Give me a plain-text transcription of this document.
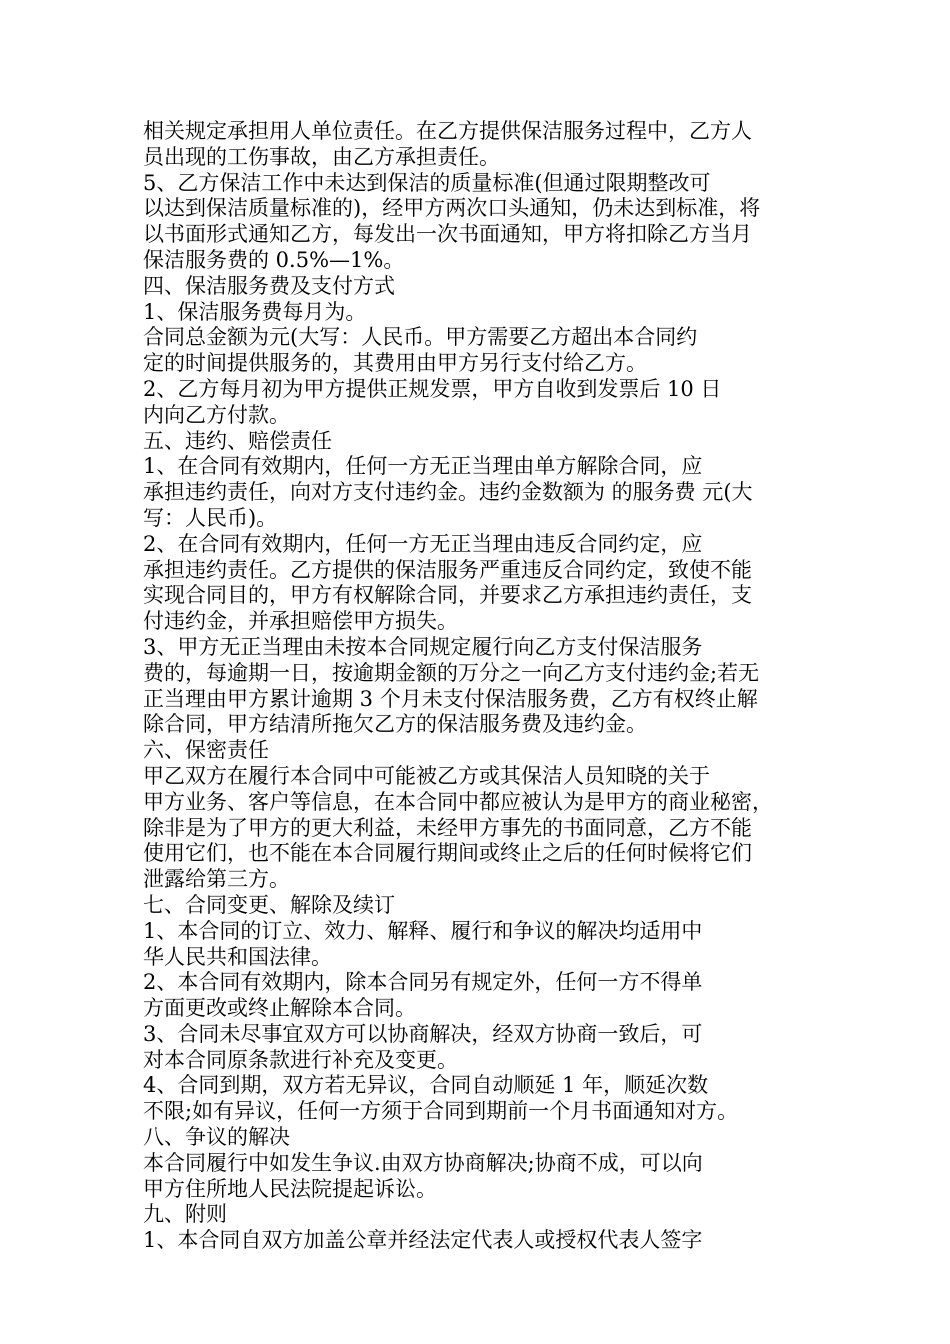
相关规定承担用人单位责任。在乙方提供保洁服务过程中，乙方人

员出现的工伤事故，由乙方承担责任。

5、乙方保洁工作中未达到保洁的质量标准(但通过限期整改可

以达到保洁质量标准的)，经甲方两次口头通知，仍未达到标准，将

以书面形式通知乙方，每发出一次书面通知，甲方将扣除乙方当月

保洁服务费的 0.5%—1%。

四、保洁服务费及支付方式

1、保洁服务费每月为。

合同总金额为元(大写：人民币。甲方需要乙方超出本合同约

定的时间提供服务的，其费用由甲方另行支付给乙方。

2、乙方每月初为甲方提供正规发票，甲方自收到发票后 10 日

内向乙方付款。

五、违约、赔偿责任

1、在合同有效期内，任何一方无正当理由单方解除合同，应

承担违约责任，向对方支付违约金。违约金数额为 的服务费 元(大

写：人民币)。

2、在合同有效期内，任何一方无正当理由违反合同约定，应

承担违约责任。乙方提供的保洁服务严重违反合同约定，致使不能

实现合同目的，甲方有权解除合同，并要求乙方承担违约责任，支

付违约金，并承担赔偿甲方损失。

3、甲方无正当理由未按本合同规定履行向乙方支付保洁服务

费的，每逾期一日，按逾期金额的万分之一向乙方支付违约金;若无

正当理由甲方累计逾期 3 个月未支付保洁服务费，乙方有权终止解

除合同，甲方结清所拖欠乙方的保洁服务费及违约金。

六、保密责任

甲乙双方在履行本合同中可能被乙方或其保洁人员知晓的关于

甲方业务、客户等信息，在本合同中都应被认为是甲方的商业秘密，

除非是为了甲方的更大利益，未经甲方事先的书面同意，乙方不能

使用它们，也不能在本合同履行期间或终止之后的任何时候将它们

泄露给第三方。

七、合同变更、解除及续订

1、本合同的订立、效力、解释、履行和争议的解决均适用中

华人民共和国法律。

2、本合同有效期内，除本合同另有规定外，任何一方不得单

方面更改或终止解除本合同。

3、合同未尽事宜双方可以协商解决，经双方协商一致后，可

对本合同原条款进行补充及变更。

4、合同到期，双方若无异议，合同自动顺延 1 年，顺延次数

不限;如有异议，任何一方须于合同到期前一个月书面通知对方。

八、争议的解决

本合同履行中如发生争议.由双方协商解决;协商不成，可以向

甲方住所地人民法院提起诉讼。

九、附则

1、本合同自双方加盖公章并经法定代表人或授权代表人签字
